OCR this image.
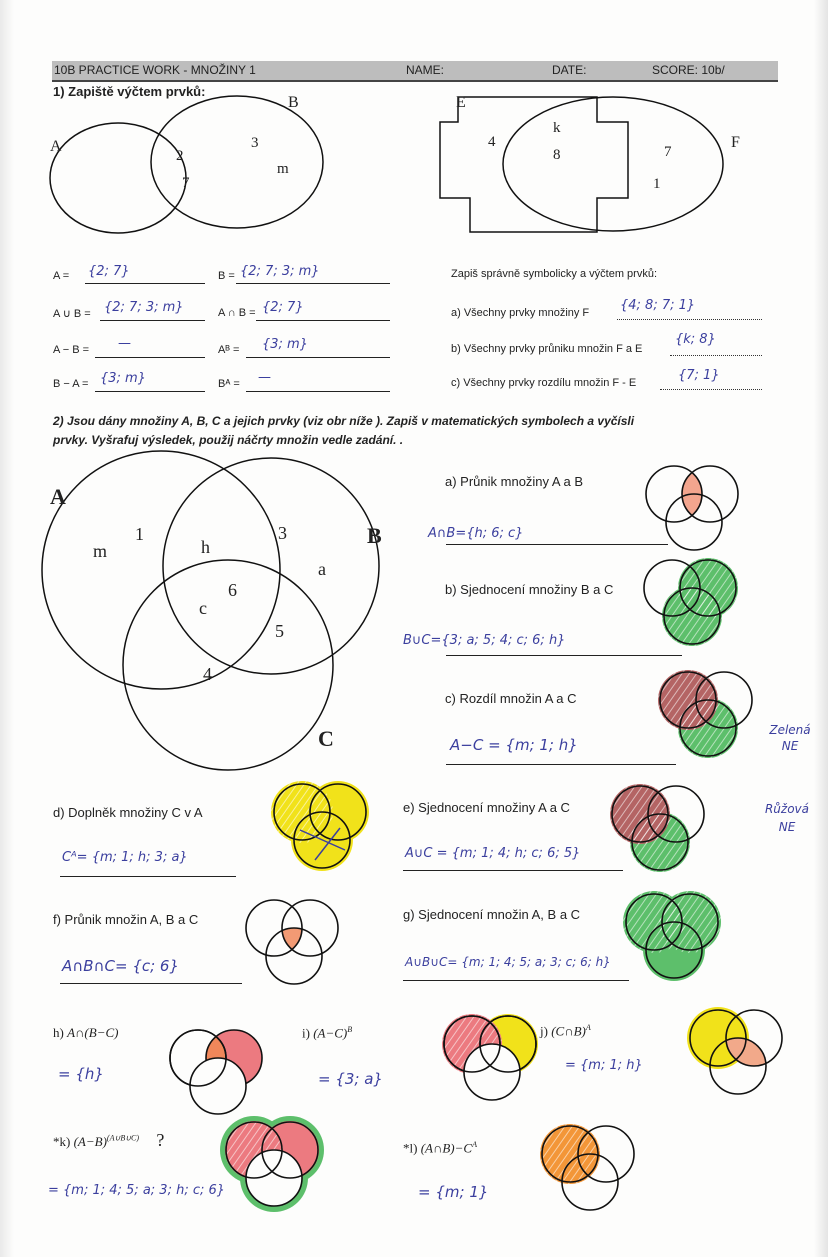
10B PRACTICE WORK - MNOŽINY 1	NAME:	DATE:	SCORE: 10b/
1) Zapiště výčtem prvků:
A
B
2
7
3
m
E
F
4
k
8	7
1
A = {2; 7}	B = {2; 7; 3; m}
A ∪ B = {2; 7; 3; m}	A ∩ B = {2; 7}
A − B = —	Aᴮ = {3; m}
B − A = {3; m}	Bᴬ = —
Zapiš správně symbolicky a výčtem prvků:
a) Všechny prvky množiny F {4; 8; 7; 1}
b) Všechny prvky průniku množin F a E
{k; 8}
c) Všechny prvky rozdílu množin F - E	{7; 1}
2) Jsou dány množiny A, B, C a jejich prvky (viz obr níže ). Zapiš v matematických symbolech a vyčísli
prvky. Vyšrafuj výsledek, použij náčrty množin vedle zadání. .
A
B
C
m
1
h
3
a
c
6
5
4
a) Průnik množiny A a B
A∩B={h; 6; c}
b) Sjednocení množiny B a C
B∪C={3; a; 5; 4; c; 6; h}
c) Rozdíl množin A a C
A−C = {m; 1; h}
Zelená NE
d) Doplněk množiny C v A
Cᴬ= {m; 1; h; 3; a}
e) Sjednocení množiny A a C
A∪C = {m; 1; 4; h; c; 6; 5}
Růžová NE
f) Průnik množin A, B a C
A∩B∩C= {c; 6}
g) Sjednocení množin A, B a C
A∪B∪C= {m; 1; 4; 5; a; 3; c; 6; h}
h) A∩(B−C)
= {h}
i) $(A-C)^B$
= {3; a}
j) (C∩B)$^A$
= {m; 1; h}
*k) $(A-B)^{(A\cup B\cup C)}$ ?
= {m; 1; 4; 5; a; 3; h; c; 6}
*l) $(A\cap B)-C^A$
= {m; 1}
